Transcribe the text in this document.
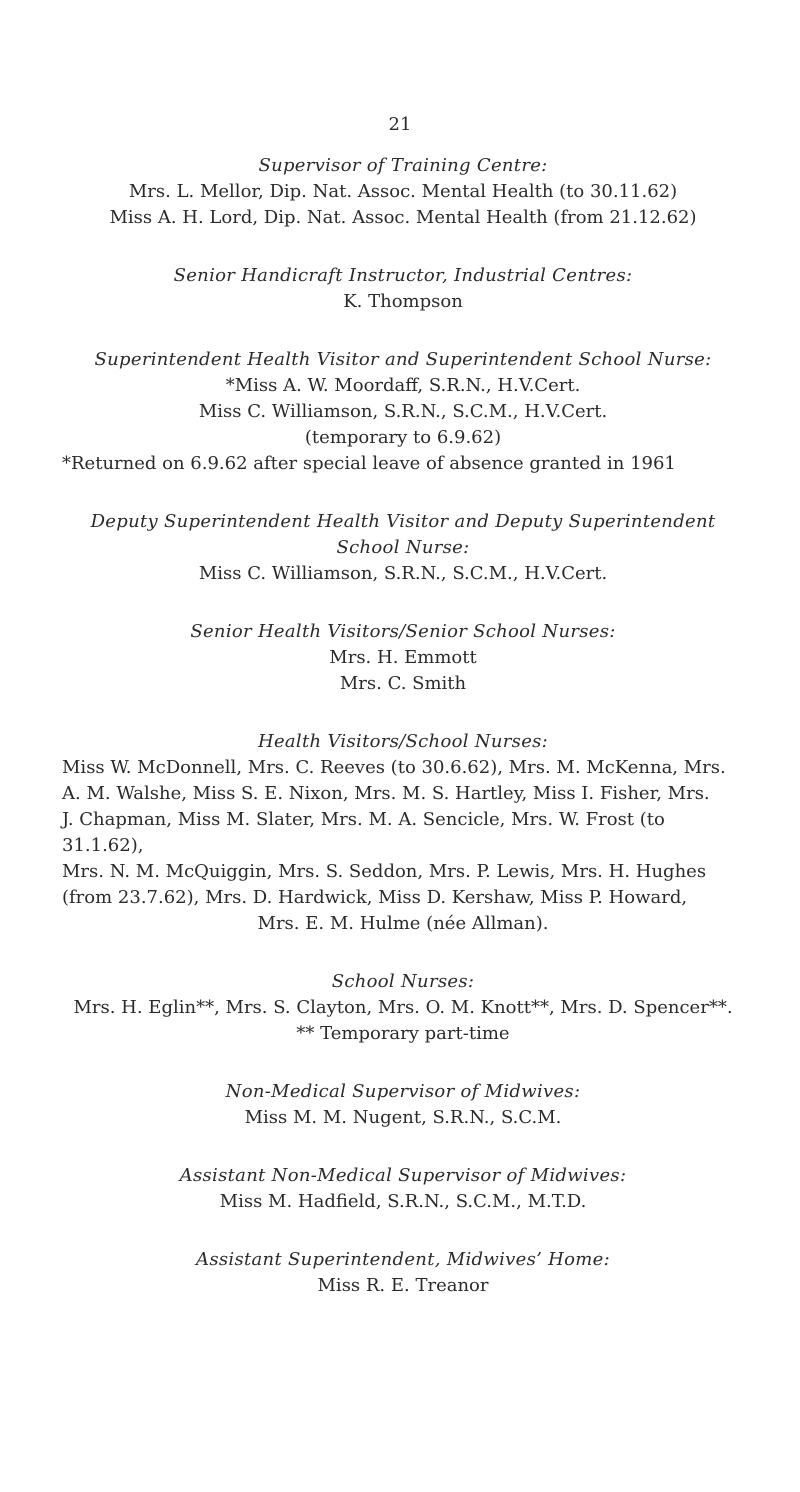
21
Supervisor of Training Centre:
Mrs. L. Mellor, Dip. Nat. Assoc. Mental Health (to 30.11.62)
Miss A. H. Lord, Dip. Nat. Assoc. Mental Health (from 21.12.62)
Senior Handicraft Instructor, Industrial Centres:
K. Thompson
Superintendent Health Visitor and Superintendent School Nurse:
*Miss A. W. Moordaff, S.R.N., H.V.Cert.
Miss C. Williamson, S.R.N., S.C.M., H.V.Cert.
(temporary to 6.9.62)
*Returned on 6.9.62 after special leave of absence granted in 1961
Deputy Superintendent Health Visitor and Deputy Superintendent
School Nurse:
Miss C. Williamson, S.R.N., S.C.M., H.V.Cert.
Senior Health Visitors/Senior School Nurses:
Mrs. H. Emmott
Mrs. C. Smith
Health Visitors/School Nurses:
Miss W. McDonnell, Mrs. C. Reeves (to 30.6.62), Mrs. M. McKenna, Mrs.
A. M. Walshe, Miss S. E. Nixon, Mrs. M. S. Hartley, Miss I. Fisher, Mrs.
J. Chapman, Miss M. Slater, Mrs. M. A. Sencicle, Mrs. W. Frost (to 31.1.62),
Mrs. N. M. McQuiggin, Mrs. S. Seddon, Mrs. P. Lewis, Mrs. H. Hughes
(from 23.7.62), Mrs. D. Hardwick, Miss D. Kershaw, Miss P. Howard,
Mrs. E. M. Hulme (née Allman).
School Nurses:
Mrs. H. Eglin**, Mrs. S. Clayton, Mrs. O. M. Knott**, Mrs. D. Spencer**.
** Temporary part-time
Non-Medical Supervisor of Midwives:
Miss M. M. Nugent, S.R.N., S.C.M.
Assistant Non-Medical Supervisor of Midwives:
Miss M. Hadfield, S.R.N., S.C.M., M.T.D.
Assistant Superintendent, Midwives’ Home:
Miss R. E. Treanor
